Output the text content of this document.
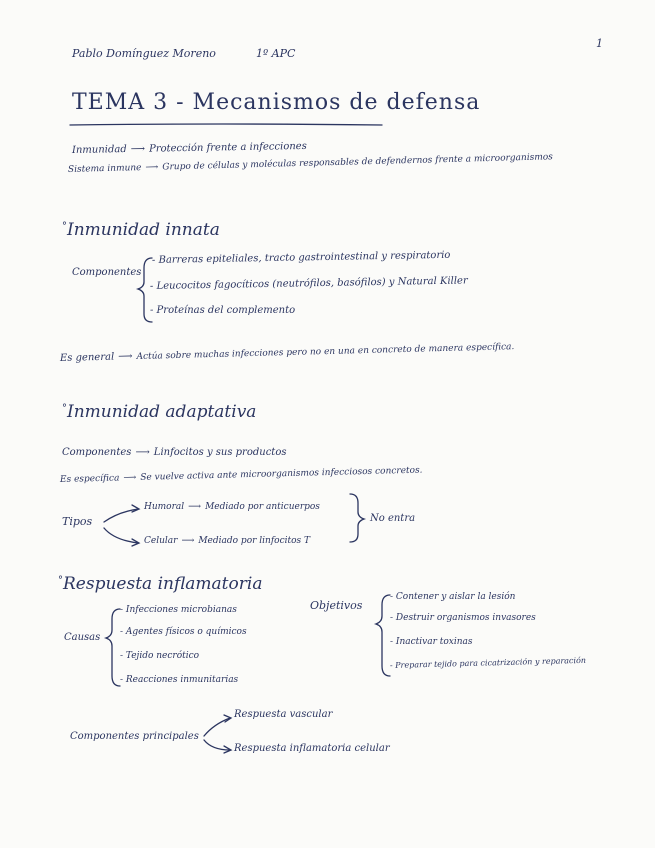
Pablo Domínguez Moreno	1º APC
1
TEMA 3 - Mecanismos de defensa
Inmunidad ⟶ Protección frente a infecciones
Sistema inmune ⟶ Grupo de células y moléculas responsables de defendernos frente a microorganismos
°Inmunidad innata
Componentes
- Barreras epiteliales, tracto gastrointestinal y respiratorio
- Leucocitos fagocíticos (neutrófilos, basófilos) y Natural Killer
- Proteínas del complemento
Es general ⟶ Actúa sobre muchas infecciones pero no en una en concreto de manera específica.
°Inmunidad adaptativa
Componentes ⟶ Linfocitos y sus productos
Es específica ⟶ Se vuelve activa ante microorganismos infecciosos concretos.
Tipos
Humoral ⟶ Mediado por anticuerpos
Celular ⟶ Mediado por linfocitos T
No entra
°Respuesta inflamatoria
Causas
- Infecciones microbianas
- Agentes físicos o químicos
- Tejido necrótico
- Reacciones inmunitarias
Objetivos
- Contener y aislar la lesión
- Destruir organismos invasores
- Inactivar toxinas
- Preparar tejido para cicatrización y reparación
Componentes principales
Respuesta vascular
Respuesta inflamatoria celular
